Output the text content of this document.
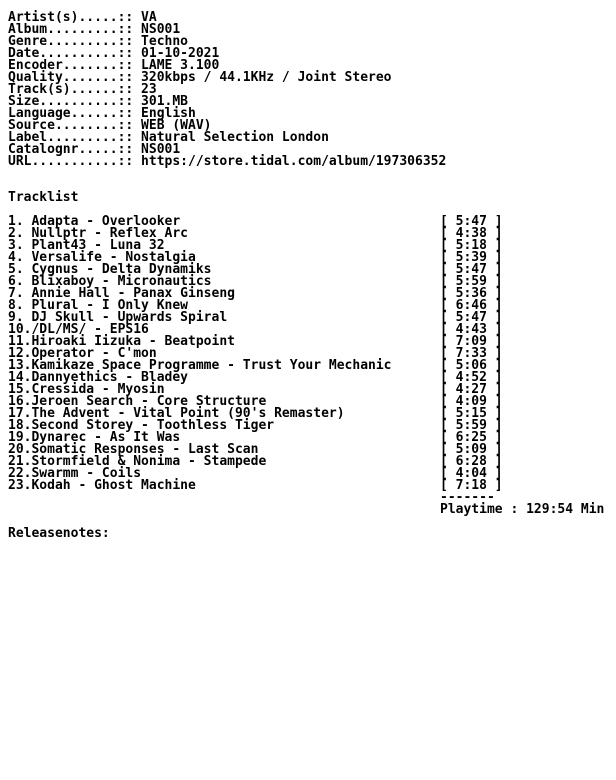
Artist(s).....:: VA
Album.........:: NS001
Genre.........:: Techno
Date..........:: 01-10-2021
Encoder.......:: LAME 3.100
Quality.......:: 320kbps / 44.1KHz / Joint Stereo
Track(s)......:: 23
Size..........:: 301.MB
Language......:: English
Source........:: WEB (WAV)
Label.........:: Natural Selection London
Catalognr.....:: NS001
URL...........:: https://store.tidal.com/album/197306352
Tracklist
1. Adapta - Overlooker	[ 5:47 ]
2. Nullptr - Reflex Arc	[ 4:38 ]
3. Plant43 - Luna 32	[ 5:18 ]
4. Versalife - Nostalgia	[ 5:39 ]
5. Cygnus - Delta Dynamiks	[ 5:47 ]
6. Blixaboy - Micronautics	[ 5:59 ]
7. Annie Hall - Panax Ginseng	[ 5:36 ]
8. Plural - I Only Knew	[ 6:46 ]
9. DJ Skull - Upwards Spiral	[ 5:47 ]
10./DL/MS/ - EPS16	[ 4:43 ]
11.Hiroaki Iizuka - Beatpoint	[ 7:09 ]
12.Operator - C'mon	[ 7:33 ]
13.Kamikaze Space Programme - Trust Your Mechanic	[ 5:06 ]
14.Dannyethics - Bladey	[ 4:52 ]
15.Cressida - Myosin	[ 4:27 ]
16.Jeroen Search - Core Structure	[ 4:09 ]
17.The Advent - Vital Point (90's Remaster)	[ 5:15 ]
18.Second Storey - Toothless Tiger	[ 5:59 ]
19.Dynarec - As It Was	[ 6:25 ]
20.Somatic Responses - Last Scan	[ 5:09 ]
21.Stormfield & Nonima - Stampede	[ 6:28 ]
22.Swarmm - Coils	[ 4:04 ]
23.Kodah - Ghost Machine	[ 7:18 ]
-------
Playtime : 129:54 Min
Releasenotes:
